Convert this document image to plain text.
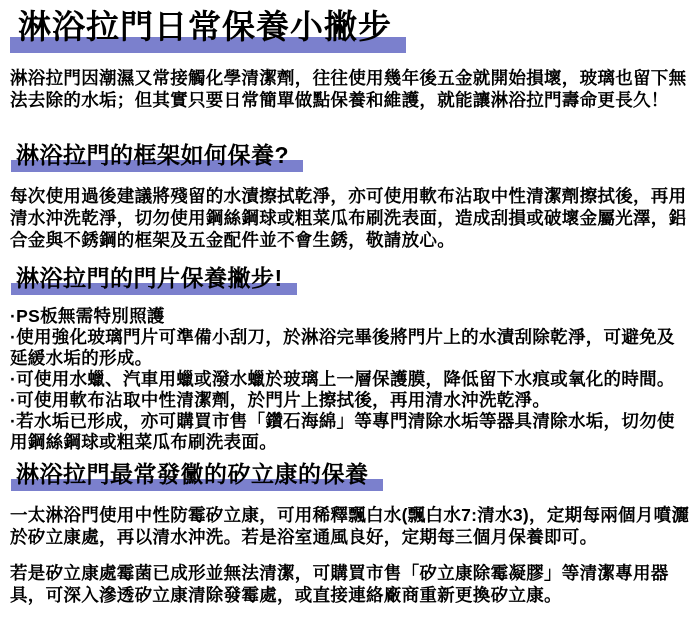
淋浴拉門日常保養小撇步

淋浴拉門因潮濕又常接觸化學清潔劑，往往使用幾年後五金就開始損壞，玻璃也留下無法去除的水垢；但其實只要日常簡單做點保養和維護，就能讓淋浴拉門壽命更長久！

淋浴拉門的框架如何保養?

每次使用過後建議將殘留的水漬擦拭乾淨，亦可使用軟布沾取中性清潔劑擦拭後，再用清水沖洗乾淨，切勿使用鋼絲鋼球或粗菜瓜布刷洗表面，造成刮損或破壞金屬光澤，鋁合金與不銹鋼的框架及五金配件並不會生銹，敬請放心。

淋浴拉門的門片保養撇步!
·PS板無需特別照護
·使用強化玻璃門片可準備小刮刀，於淋浴完畢後將門片上的水漬刮除乾淨，可避免及延緩水垢的形成。
·可使用水蠟、汽車用蠟或潑水蠟於玻璃上一層保護膜，降低留下水痕或氧化的時間。
·可使用軟布沾取中性清潔劑，於門片上擦拭後，再用清水沖洗乾淨。
·若水垢已形成，亦可購買市售「鑽石海綿」等專門清除水垢等器具清除水垢，切勿使用鋼絲鋼球或粗菜瓜布刷洗表面。
淋浴拉門最常發黴的矽立康的保養

一太淋浴門使用中性防霉矽立康，可用稀釋飄白水(飄白水7:清水3)，定期每兩個月噴灑於矽立康處，再以清水沖洗。若是浴室通風良好，定期每三個月保養即可。

若是矽立康處霉菌已成形並無法清潔，可購買市售「矽立康除霉凝膠」等清潔專用器具，可深入滲透矽立康清除發霉處，或直接連絡廠商重新更換矽立康。
